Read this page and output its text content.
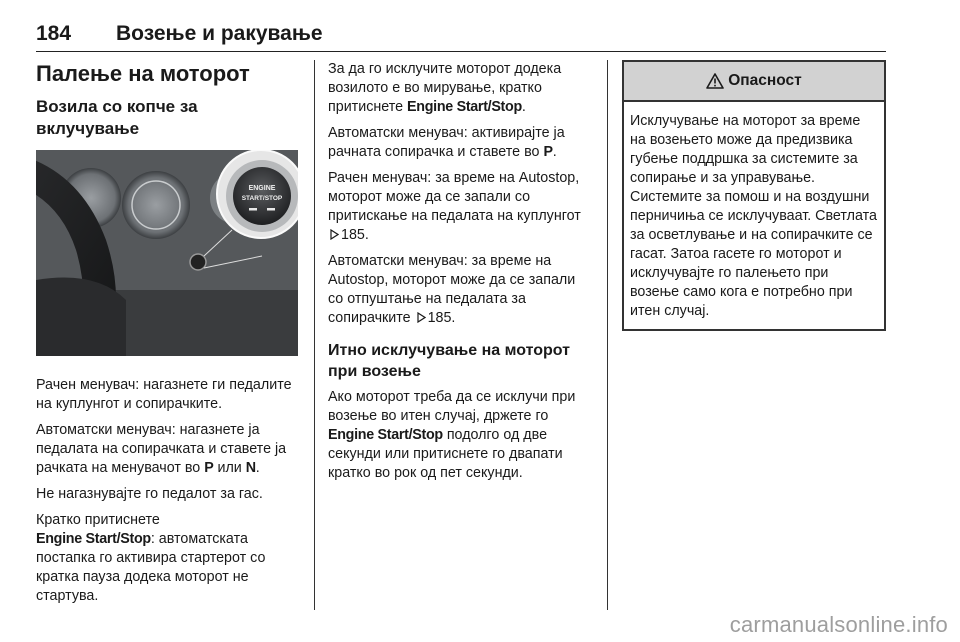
184 Возење и ракување
Палење на моторот
Возила со копче за вклучување
ENGINE
START/STOP

Рачен менувач: нагазнете ги педалите на куплунгот и сопирачките.

Автоматски менувач: нагазнете ја педалата на сопирачката и ставете ја рачката на менувачот во P или N.

Не нагазнувајте го педалот за гас.

Кратко притиснете
Engine Start/Stop: автоматската постапка го активира стартерот со кратка пауза додека моторот не стартува.

За да го исклучите моторот додека возилото е во мирување, кратко притиснете Engine Start/Stop.

Автоматски менувач: активирајте ја рачната сопирачка и ставете во P.

Рачен менувач: за време на Autostop, моторот може да се запали со притискање на педалата на куплунгот 185.

Автоматски менувач: за време на Autostop, моторот може да се запали со отпуштање на педалата за сопирачките 185.

Итно исклучување на моторот при возење

Ако моторот треба да се исклучи при возење во итен случај, држете го Engine Start/Stop подолго од две секунди или притиснете го двапати кратко во рок од пет секунди.

Опасност

Исклучување на моторот за време на возењето може да предизвика губење поддршка за системите за сопирање и за управување. Системите за помош и на воздушни перничиња се исклучуваат. Светлата за осветлување и на сопирачките се гасат. Затоа гасете го моторот и исклучувајте го палењето при возење само кога е потребно при итен случај.

carmanualsonline.info
